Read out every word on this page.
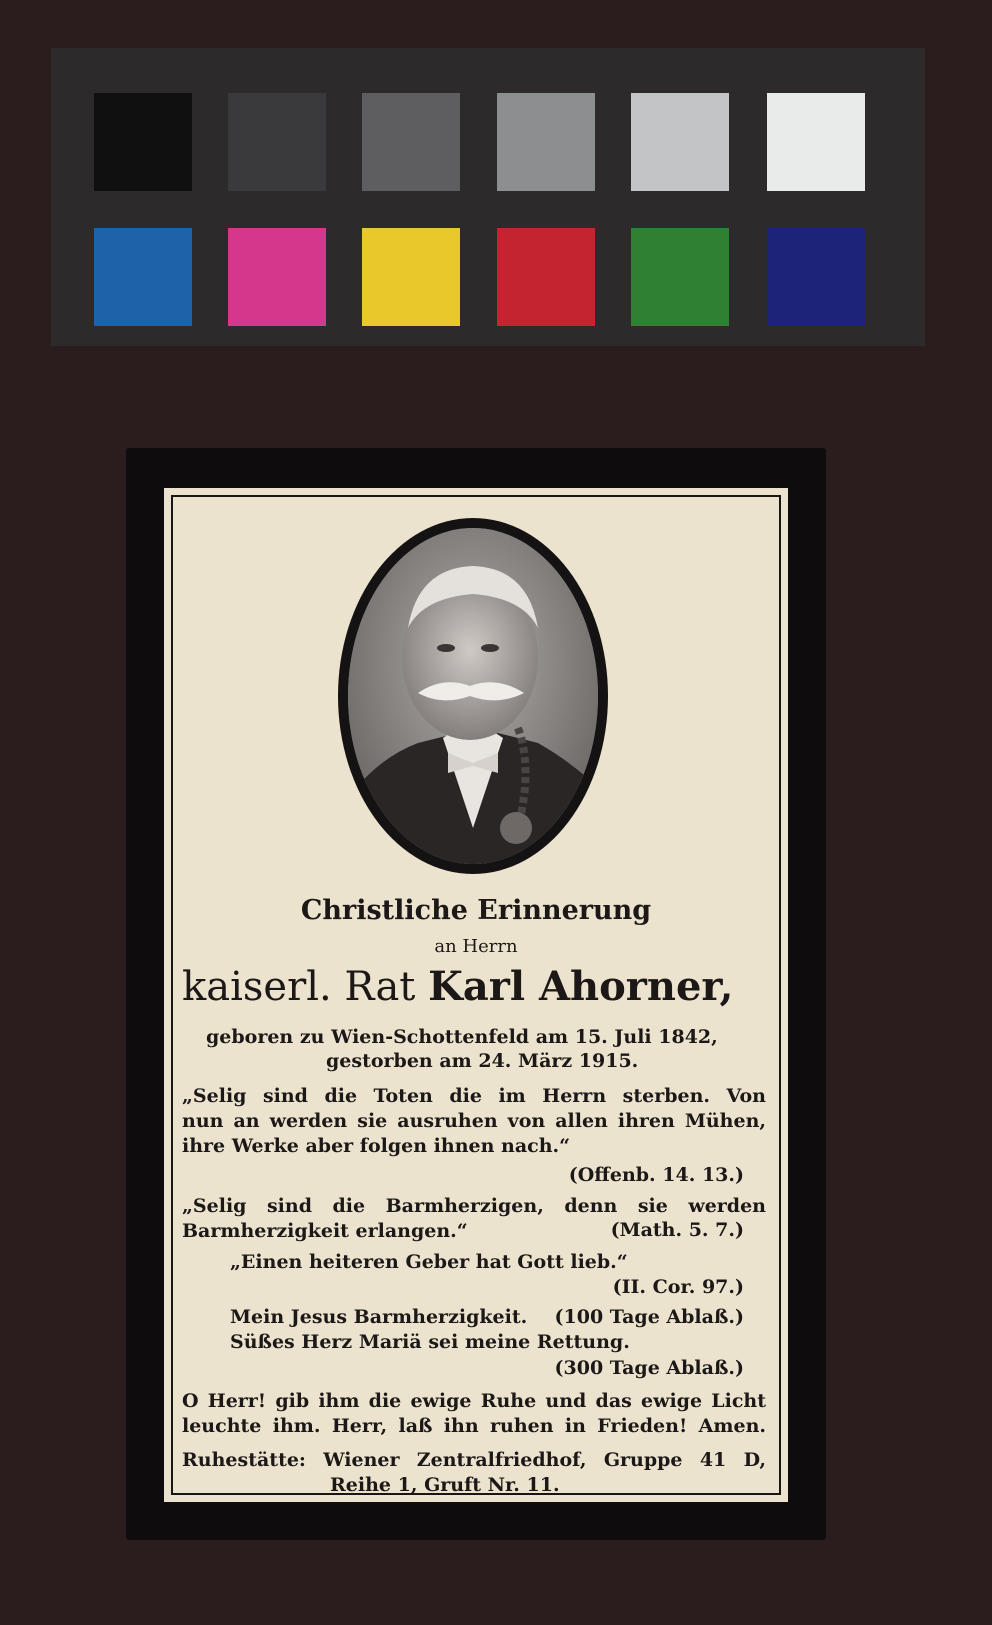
Christliche Erinnerung
an Herrn
kaiserl. Rat Karl Ahorner,
geboren zu Wien-Schottenfeld am 15. Juli 1842,
gestorben am 24. März 1915.
„Selig sind die Toten die im Herrn sterben. Von
nun an werden sie ausruhen von allen ihren Mühen,
ihre Werke aber folgen ihnen nach.“
(Offenb. 14. 13.)
„Selig sind die Barmherzigen, denn sie werden
Barmherzigkeit erlangen.“	(Math. 5. 7.)
„Einen heiteren Geber hat Gott lieb.“
(II. Cor. 97.)
Mein Jesus Barmherzigkeit. (100 Tage Ablaß.)
Süßes Herz Mariä sei meine Rettung.
(300 Tage Ablaß.)
O Herr! gib ihm die ewige Ruhe und das ewige Licht
leuchte ihm. Herr, laß ihn ruhen in Frieden! Amen.
Ruhestätte: Wiener Zentralfriedhof, Gruppe 41 D,
Reihe 1, Gruft Nr. 11.
